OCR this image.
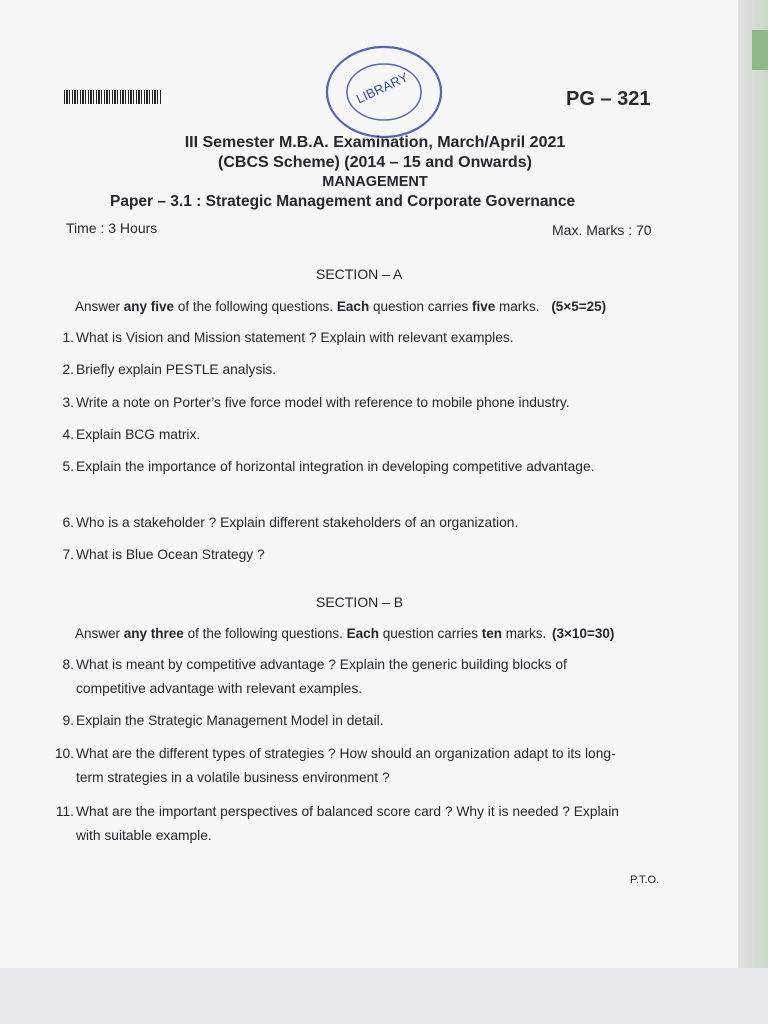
LIBRARY	PG – 321
III Semester M.B.A. Examination, March/April 2021
(CBCS Scheme) (2014 – 15 and Onwards)
MANAGEMENT
Paper – 3.1 : Strategic Management and Corporate Governance
Time : 3 Hours	Max. Marks : 70
SECTION – A
Answer any five of the following questions. Each question carries five marks. (5×5=25)
1. What is Vision and Mission statement ? Explain with relevant examples.
2. Briefly explain PESTLE analysis.
3. Write a note on Porter’s five force model with reference to mobile phone industry.
4. Explain BCG matrix.
5. Explain the importance of horizontal integration in developing competitive advantage.
6. Who is a stakeholder ? Explain different stakeholders of an organization.
7. What is Blue Ocean Strategy ?
SECTION – B
Answer any three of the following questions. Each question carries ten marks. (3×10=30)
8. What is meant by competitive advantage ? Explain the generic building blocks of competitive advantage with relevant examples.
9. Explain the Strategic Management Model in detail.
10. What are the different types of strategies ? How should an organization adapt to its long-term strategies in a volatile business environment ?
11. What are the important perspectives of balanced score card ? Why it is needed ? Explain with suitable example.
P.T.O.
